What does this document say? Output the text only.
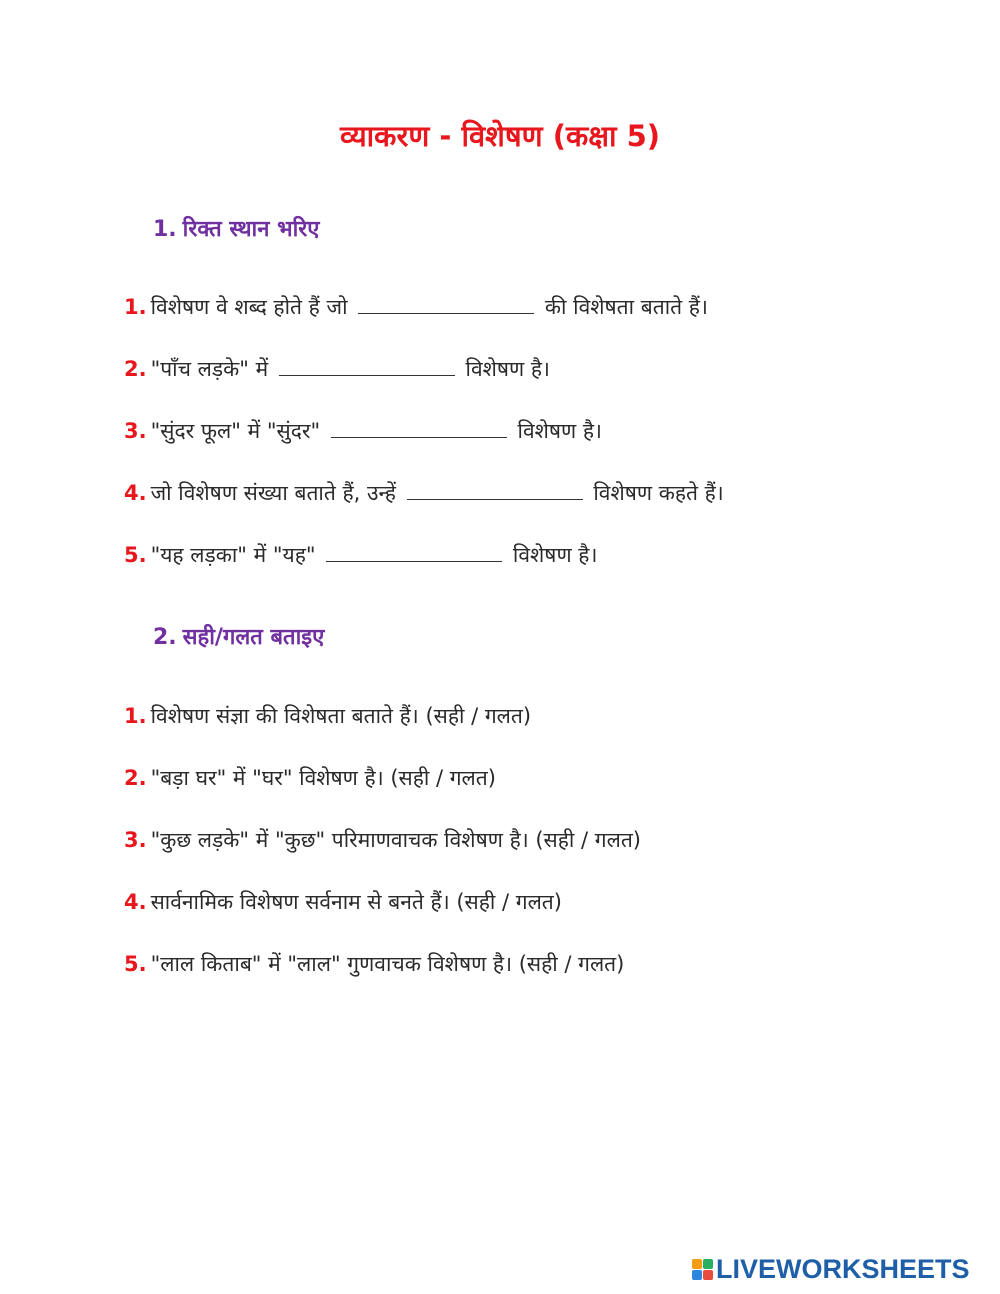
व्याकरण - विशेषण (कक्षा 5)
1. रिक्त स्थान भरिए
1. विशेषण वे शब्द होते हैं जो	की विशेषता बताते हैं।
2. "पाँच लड़के" में	विशेषण है।
3. "सुंदर फूल" में "सुंदर"	विशेषण है।
4. जो विशेषण संख्या बताते हैं, उन्हें	विशेषण कहते हैं।
5. "यह लड़का" में "यह"	विशेषण है।
2. सही/गलत बताइए
1. विशेषण संज्ञा की विशेषता बताते हैं। (सही / गलत)
2. "बड़ा घर" में "घर" विशेषण है। (सही / गलत)
3. "कुछ लड़के" में "कुछ" परिमाणवाचक विशेषण है। (सही / गलत)
4. सार्वनामिक विशेषण सर्वनाम से बनते हैं। (सही / गलत)
5. "लाल किताब" में "लाल" गुणवाचक विशेषण है। (सही / गलत)
LIVEWORKSHEETS
